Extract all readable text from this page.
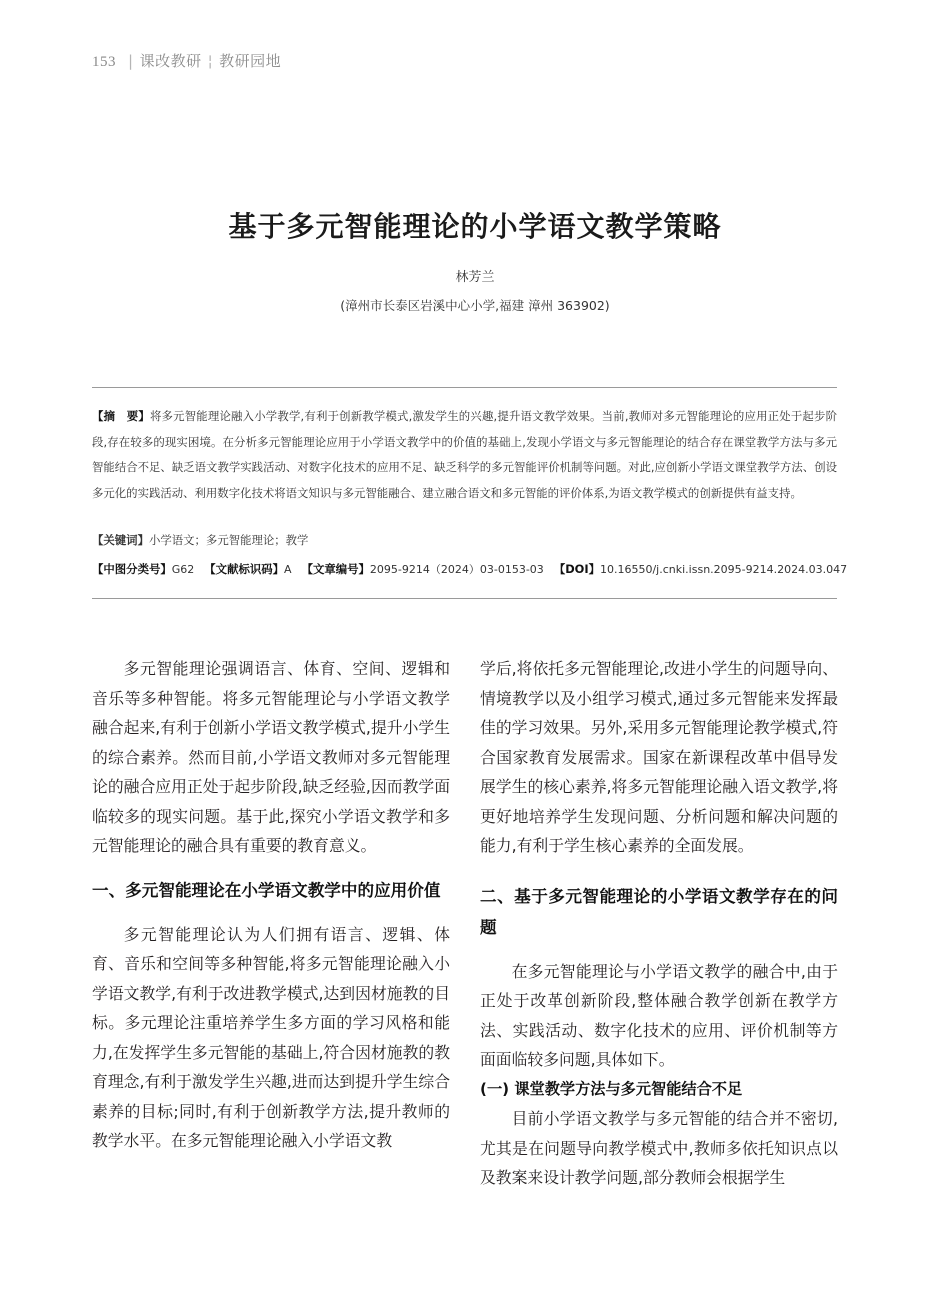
153 | 课改教研 ¦ 教研园地
基于多元智能理论的小学语文教学策略
林芳兰
(漳州市长泰区岩溪中心小学,福建 漳州 363902)
【摘　要】将多元智能理论融入小学教学,有利于创新教学模式,激发学生的兴趣,提升语文教学效果。当前,教师对多元智能理论的应用正处于起步阶段,存在较多的现实困境。在分析多元智能理论应用于小学语文教学中的价值的基础上,发现小学语文与多元智能理论的结合存在课堂教学方法与多元智能结合不足、缺乏语文教学实践活动、对数字化技术的应用不足、缺乏科学的多元智能评价机制等问题。对此,应创新小学语文课堂教学方法、创设多元化的实践活动、利用数字化技术将语文知识与多元智能融合、建立融合语文和多元智能的评价体系,为语文教学模式的创新提供有益支持。
【关键词】小学语文；多元智能理论；教学
【中图分类号】G62 【文献标识码】A 【文章编号】2095-9214（2024）03-0153-03 【DOI】10.16550/j.cnki.issn.2095-9214.2024.03.047

多元智能理论强调语言、体育、空间、逻辑和音乐等多种智能。将多元智能理论与小学语文教学融合起来,有利于创新小学语文教学模式,提升小学生的综合素养。然而目前,小学语文教师对多元智能理论的融合应用正处于起步阶段,缺乏经验,因而教学面临较多的现实问题。基于此,探究小学语文教学和多元智能理论的融合具有重要的教育意义。

一、多元智能理论在小学语文教学中的应用价值

多元智能理论认为人们拥有语言、逻辑、体育、音乐和空间等多种智能,将多元智能理论融入小学语文教学,有利于改进教学模式,达到因材施教的目标。多元理论注重培养学生多方面的学习风格和能力,在发挥学生多元智能的基础上,符合因材施教的教育理念,有利于激发学生兴趣,进而达到提升学生综合素养的目标;同时,有利于创新教学方法,提升教师的教学水平。在多元智能理论融入小学语文教

学后,将依托多元智能理论,改进小学生的问题导向、情境教学以及小组学习模式,通过多元智能来发挥最佳的学习效果。另外,采用多元智能理论教学模式,符合国家教育发展需求。国家在新课程改革中倡导发展学生的核心素养,将多元智能理论融入语文教学,将更好地培养学生发现问题、分析问题和解决问题的能力,有利于学生核心素养的全面发展。

二、基于多元智能理论的小学语文教学存在的问题

在多元智能理论与小学语文教学的融合中,由于正处于改革创新阶段,整体融合教学创新在教学方法、实践活动、数字化技术的应用、评价机制等方面面临较多问题,具体如下。

(一) 课堂教学方法与多元智能结合不足

目前小学语文教学与多元智能的结合并不密切,尤其是在问题导向教学模式中,教师多依托知识点以及教案来设计教学问题,部分教师会根据学生
